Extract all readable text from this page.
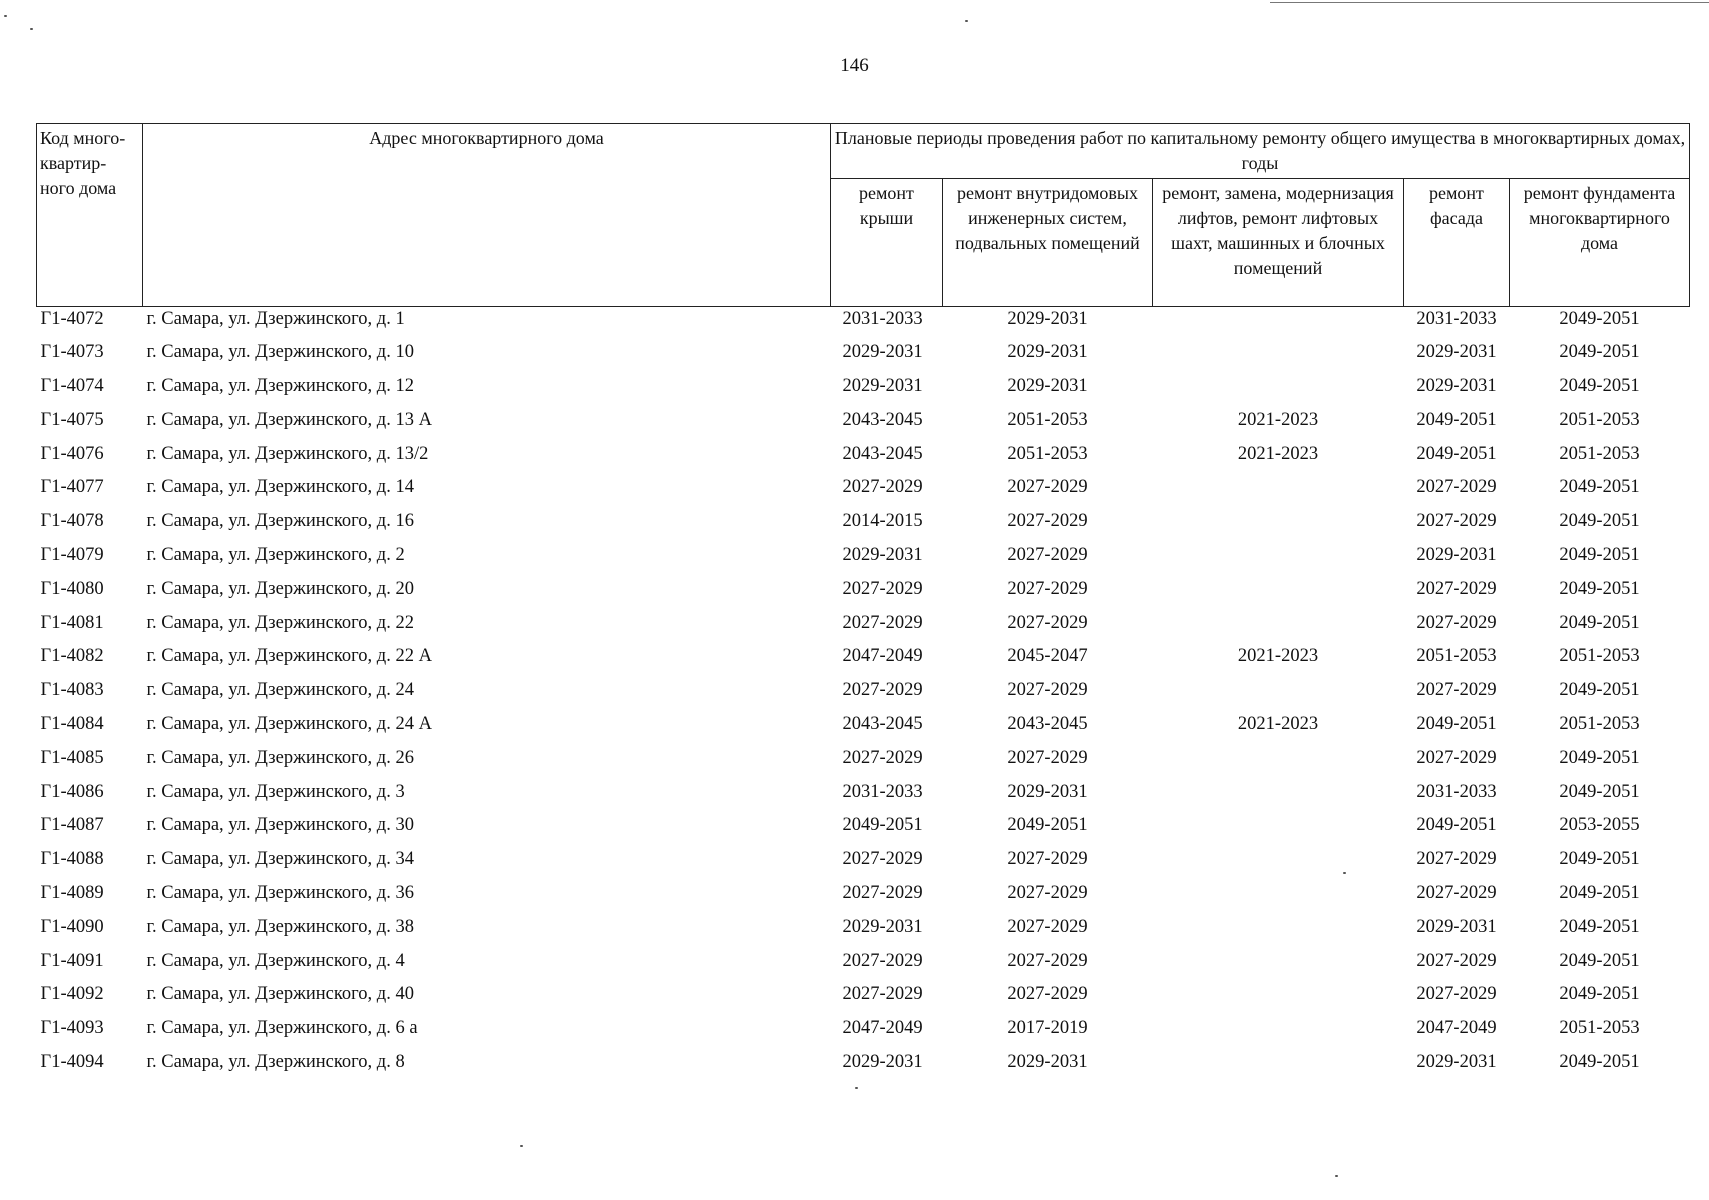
146
Код много-квартир-ного дома	Адрес многоквартирного дома	Плановые периоды проведения работ по капитальному ремонту общего имущества в многоквартирных домах, годы				
		ремонт крыши	ремонт внутридомовых инженерных систем, подвальных помещений	ремонт, замена, модернизация лифтов, ремонт лифтовых шахт, машинных и блочных помещений	ремонт фасада	ремонт фундамента многоквартирного дома
Г1-4072	г. Самара, ул. Дзержинского, д. 1	2031-2033	2029-2031		2031-2033	2049-2051
Г1-4073	г. Самара, ул. Дзержинского, д. 10	2029-2031	2029-2031		2029-2031	2049-2051
Г1-4074	г. Самара, ул. Дзержинского, д. 12	2029-2031	2029-2031		2029-2031	2049-2051
Г1-4075	г. Самара, ул. Дзержинского, д. 13 А	2043-2045	2051-2053	2021-2023	2049-2051	2051-2053
Г1-4076	г. Самара, ул. Дзержинского, д. 13/2	2043-2045	2051-2053	2021-2023	2049-2051	2051-2053
Г1-4077	г. Самара, ул. Дзержинского, д. 14	2027-2029	2027-2029		2027-2029	2049-2051
Г1-4078	г. Самара, ул. Дзержинского, д. 16	2014-2015	2027-2029		2027-2029	2049-2051
Г1-4079	г. Самара, ул. Дзержинского, д. 2	2029-2031	2027-2029		2029-2031	2049-2051
Г1-4080	г. Самара, ул. Дзержинского, д. 20	2027-2029	2027-2029		2027-2029	2049-2051
Г1-4081	г. Самара, ул. Дзержинского, д. 22	2027-2029	2027-2029		2027-2029	2049-2051
Г1-4082	г. Самара, ул. Дзержинского, д. 22 А	2047-2049	2045-2047	2021-2023	2051-2053	2051-2053
Г1-4083	г. Самара, ул. Дзержинского, д. 24	2027-2029	2027-2029		2027-2029	2049-2051
Г1-4084	г. Самара, ул. Дзержинского, д. 24 А	2043-2045	2043-2045	2021-2023	2049-2051	2051-2053
Г1-4085	г. Самара, ул. Дзержинского, д. 26	2027-2029	2027-2029		2027-2029	2049-2051
Г1-4086	г. Самара, ул. Дзержинского, д. 3	2031-2033	2029-2031		2031-2033	2049-2051
Г1-4087	г. Самара, ул. Дзержинского, д. 30	2049-2051	2049-2051		2049-2051	2053-2055
Г1-4088	г. Самара, ул. Дзержинского, д. 34	2027-2029	2027-2029		2027-2029	2049-2051
Г1-4089	г. Самара, ул. Дзержинского, д. 36	2027-2029	2027-2029		2027-2029	2049-2051
Г1-4090	г. Самара, ул. Дзержинского, д. 38	2029-2031	2027-2029		2029-2031	2049-2051
Г1-4091	г. Самара, ул. Дзержинского, д. 4	2027-2029	2027-2029		2027-2029	2049-2051
Г1-4092	г. Самара, ул. Дзержинского, д. 40	2027-2029	2027-2029		2027-2029	2049-2051
Г1-4093	г. Самара, ул. Дзержинского, д. 6 а	2047-2049	2017-2019		2047-2049	2051-2053
Г1-4094	г. Самара, ул. Дзержинского, д. 8	2029-2031	2029-2031		2029-2031	2049-2051
